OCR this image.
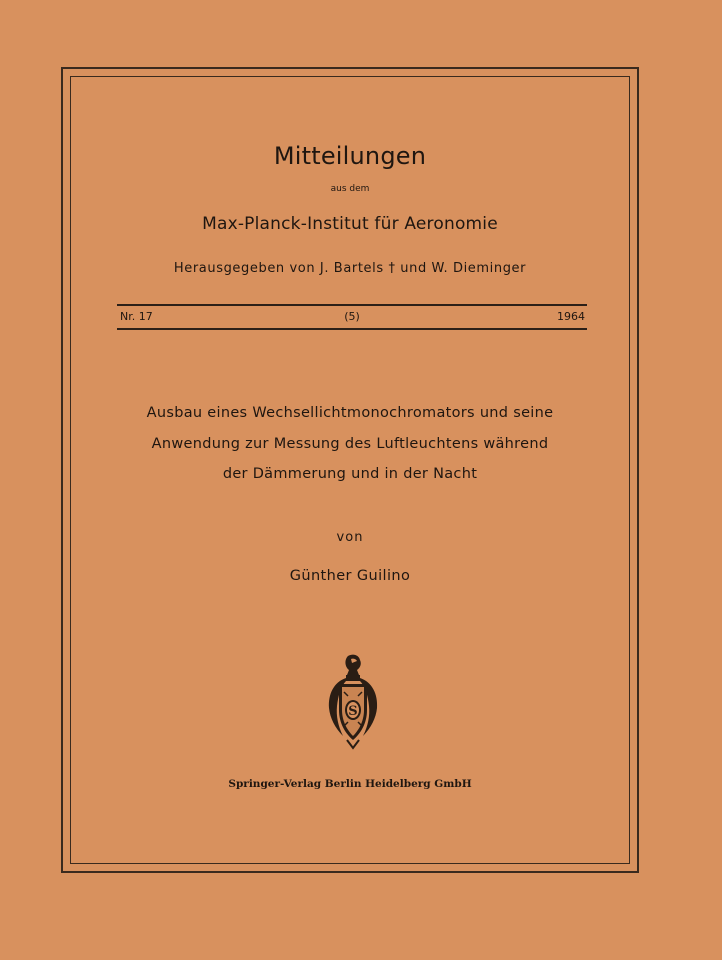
Mitteilungen
aus dem
Max-Planck-Institut für Aeronomie
Herausgegeben von J. Bartels † und W. Dieminger
Nr. 17	(5)	1964
Ausbau eines Wechsellichtmonochromators und seine
Anwendung zur Messung des Luftleuchtens während
der Dämmerung und in der Nacht
von
Günther Guilino
S
Springer-Verlag Berlin Heidelberg GmbH
